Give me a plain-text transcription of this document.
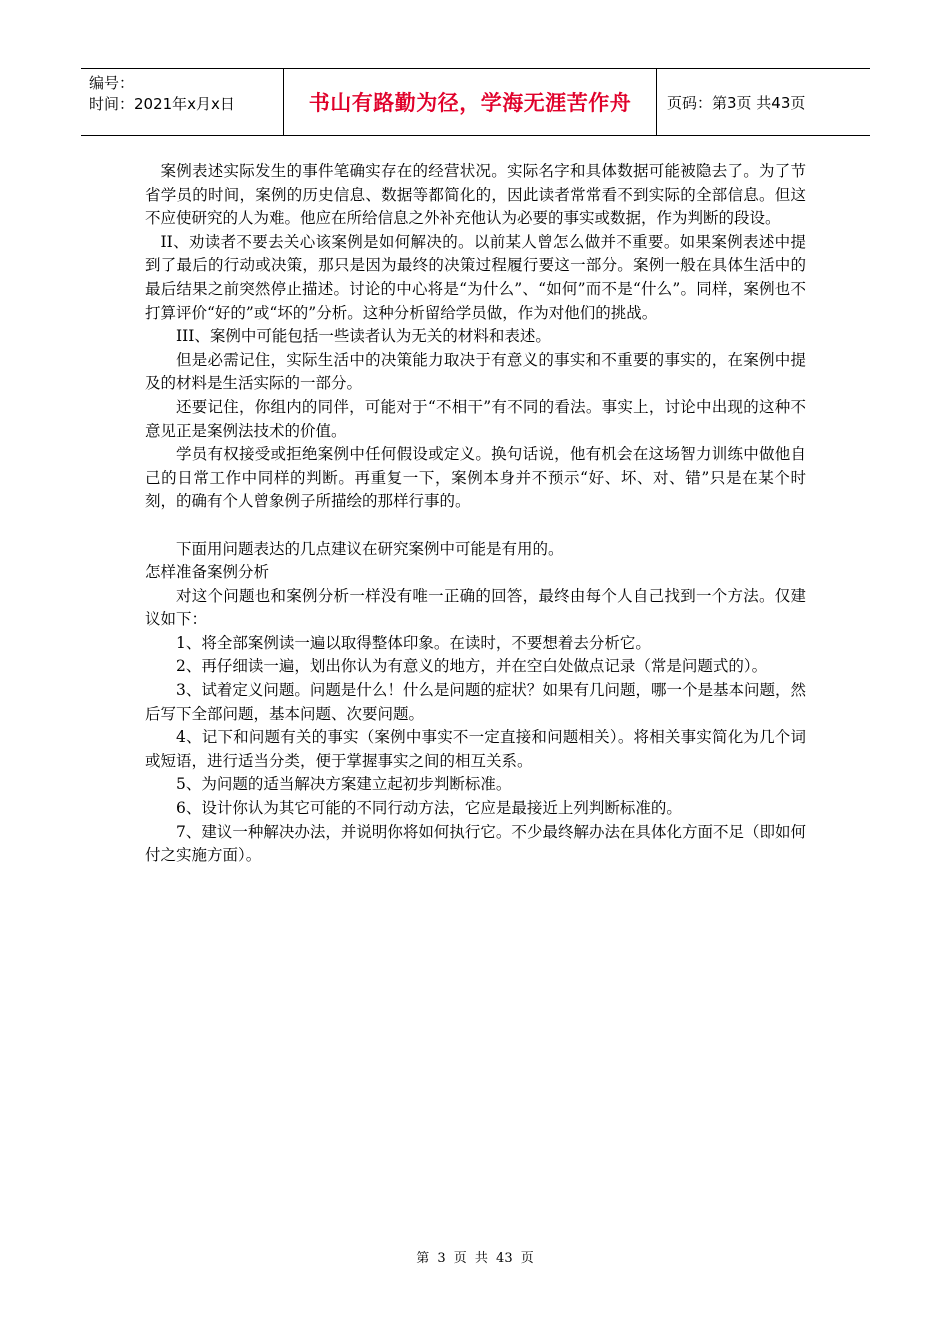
编号：
时间：2021年x月x日	书山有路勤为径，学海无涯苦作舟	页码：第3页 共43页

案例表述实际发生的事件笔确实存在的经营状况。实际名字和具体数据可能被隐去了。为了节省学员的时间，案例的历史信息、数据等都简化的，因此读者常常看不到实际的全部信息。但这不应使研究的人为难。他应在所给信息之外补充他认为必要的事实或数据，作为判断的段设。

II、劝读者不要去关心该案例是如何解决的。以前某人曾怎么做并不重要。如果案例表述中提到了最后的行动或决策，那只是因为最终的决策过程履行要这一部分。案例一般在具体生活中的最后结果之前突然停止描述。讨论的中心将是“为什么”、“如何”而不是“什么”。同样，案例也不打算评价“好的”或“坏的”分析。这种分析留给学员做，作为对他们的挑战。

III、案例中可能包括一些读者认为无关的材料和表述。

但是必需记住，实际生活中的决策能力取决于有意义的事实和不重要的事实的，在案例中提及的材料是生活实际的一部分。

还要记住，你组内的同伴，可能对于“不相干”有不同的看法。事实上，讨论中出现的这种不意见正是案例法技术的价值。

学员有权接受或拒绝案例中任何假设或定义。换句话说，他有机会在这场智力训练中做他自己的日常工作中同样的判断。再重复一下，案例本身并不预示“好、坏、对、错”只是在某个时刻，的确有个人曾象例子所描绘的那样行事的。

下面用问题表达的几点建议在研究案例中可能是有用的。

怎样准备案例分析

对这个问题也和案例分析一样没有唯一正确的回答，最终由每个人自己找到一个方法。仅建议如下：

1、将全部案例读一遍以取得整体印象。在读时，不要想着去分析它。

2、再仔细读一遍，划出你认为有意义的地方，并在空白处做点记录（常是问题式的）。

3、试着定义问题。问题是什么！什么是问题的症状？如果有几问题，哪一个是基本问题，然后写下全部问题，基本问题、次要问题。

4、记下和问题有关的事实（案例中事实不一定直接和问题相关）。将相关事实简化为几个词或短语，进行适当分类，便于掌握事实之间的相互关系。

5、为问题的适当解决方案建立起初步判断标准。

6、设计你认为其它可能的不同行动方法，它应是最接近上列判断标准的。

7、建议一种解决办法，并说明你将如何执行它。不少最终解办法在具体化方面不足（即如何付之实施方面）。

第 3 页 共 43 页
